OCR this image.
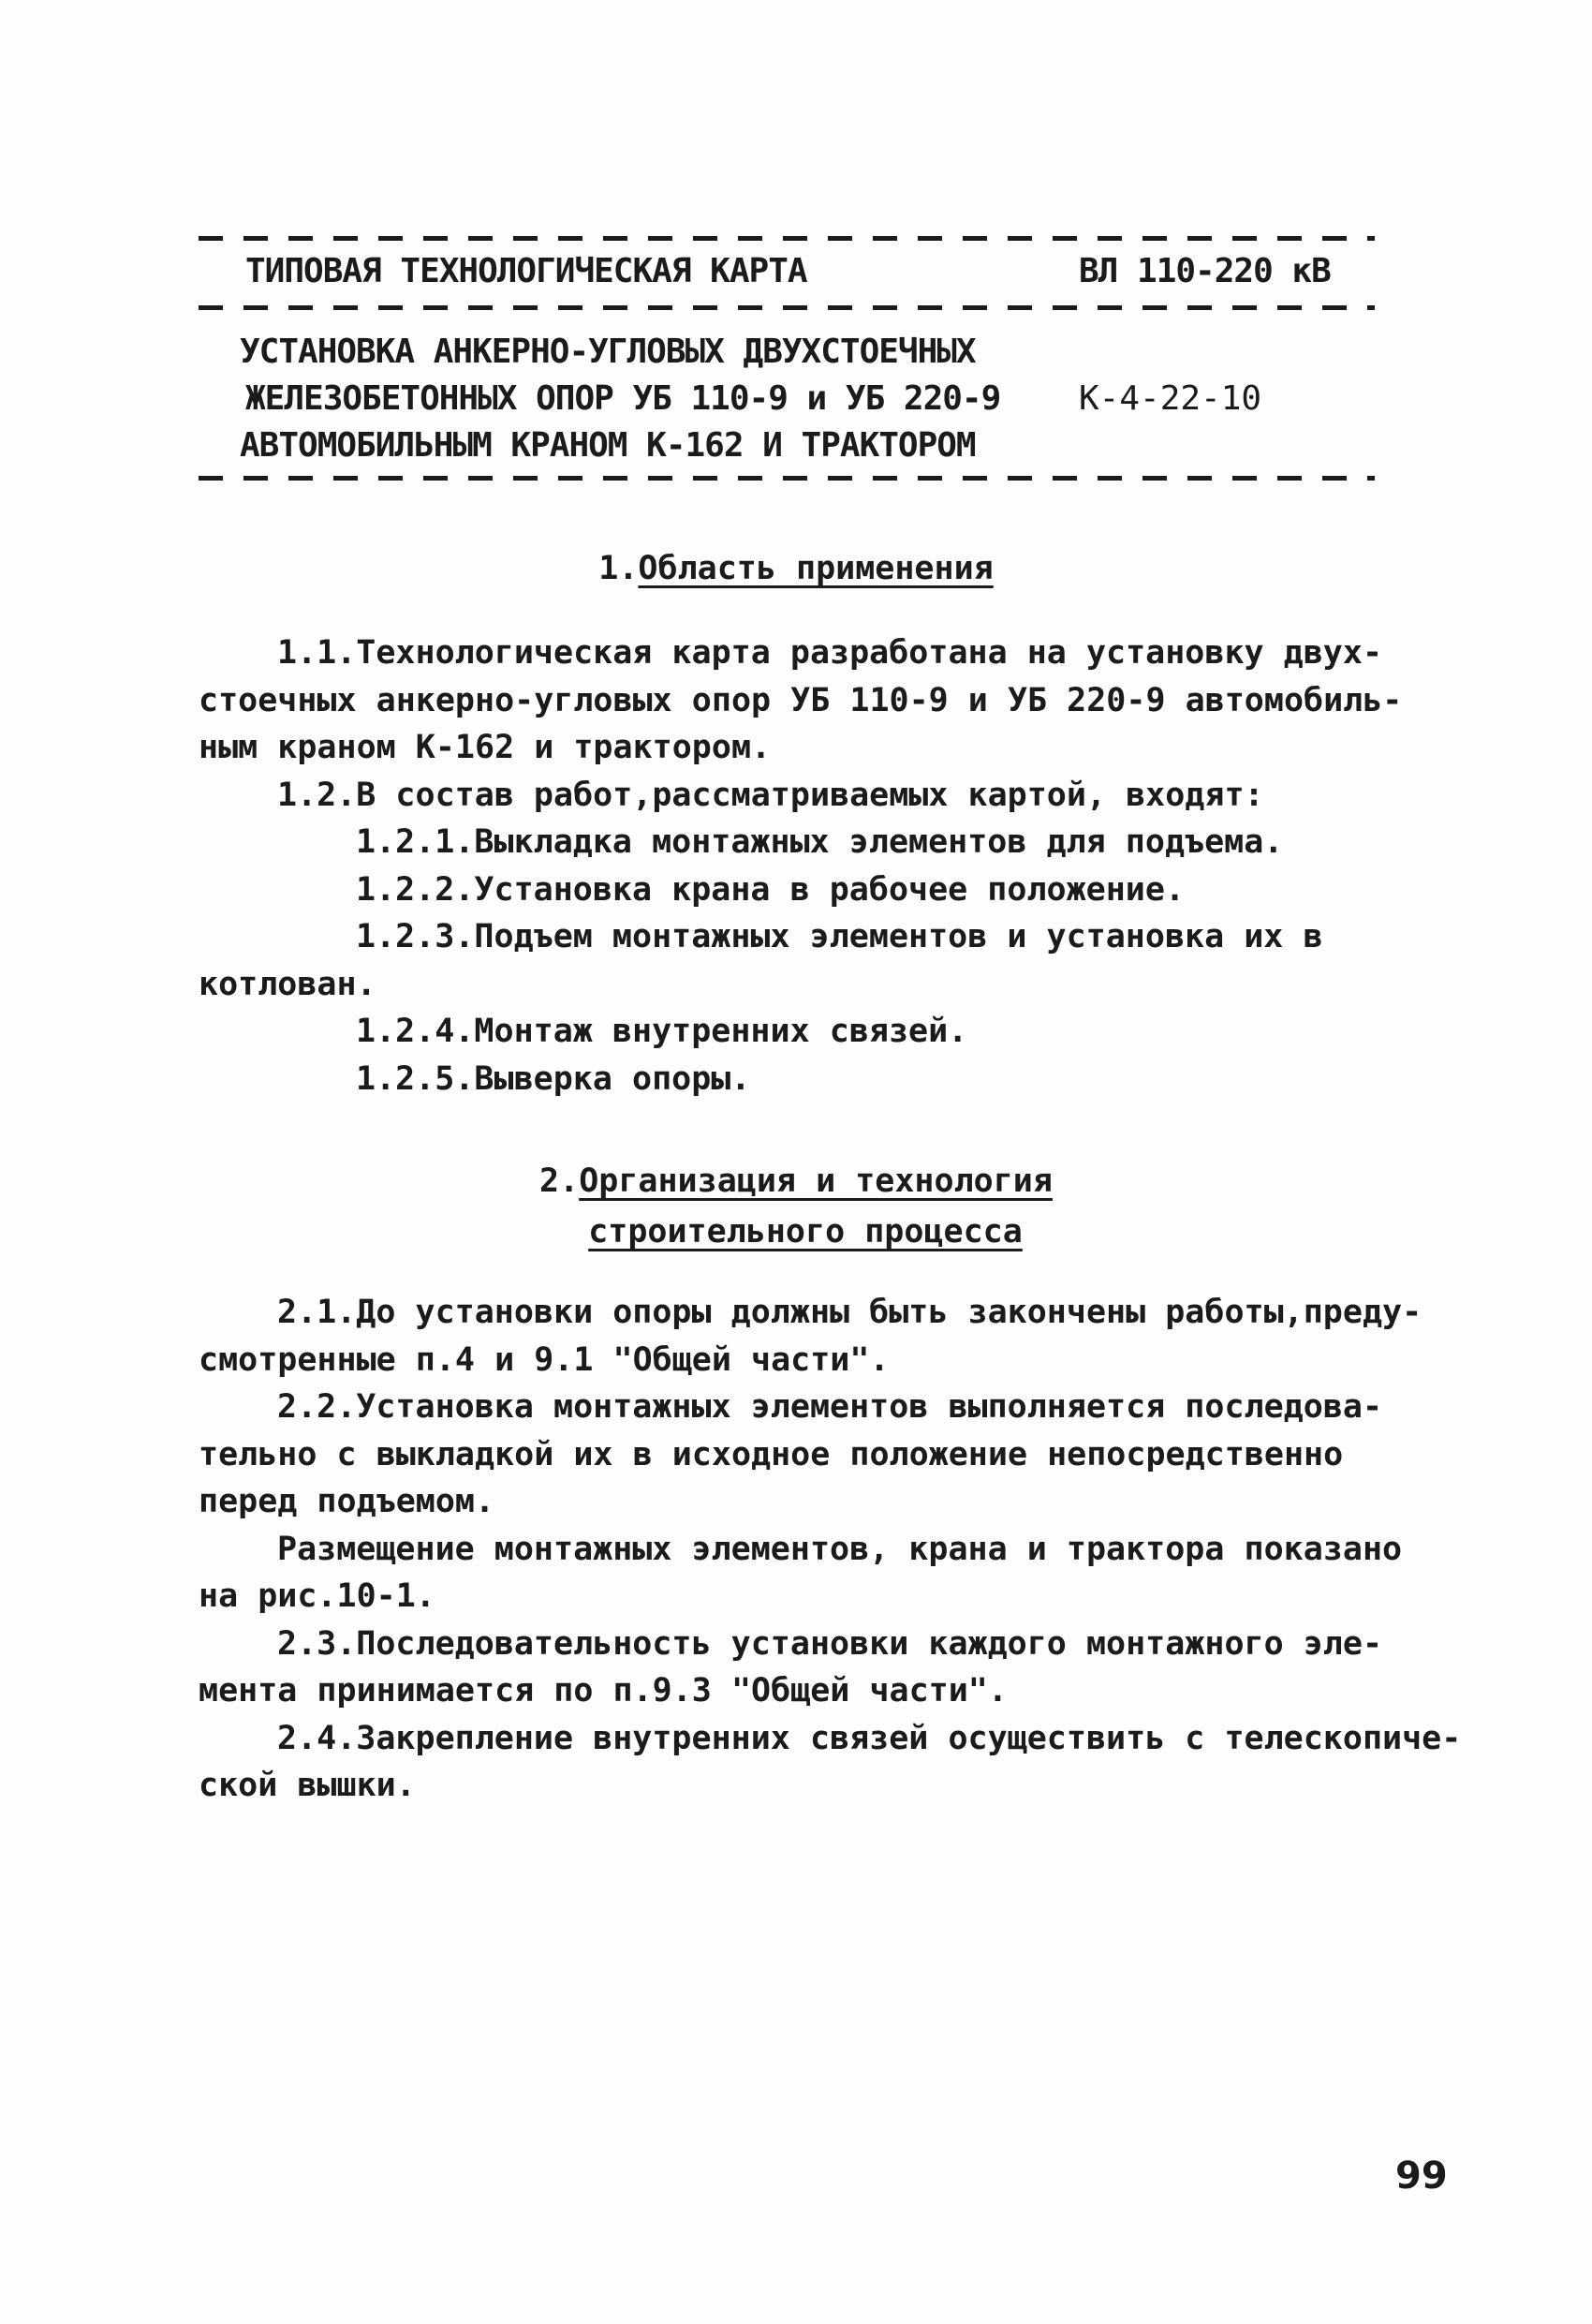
ТИПОВАЯ ТЕХНОЛОГИЧЕСКАЯ КАРТА	ВЛ 110-220 кВ
УСТАНОВКА АНКЕРНО-УГЛОВЫХ ДВУХСТОЕЧНЫХ
ЖЕЛЕЗОБЕТОННЫХ ОПОР УБ 110-9 и УБ 220-9
АВТОМОБИЛЬНЫМ КРАНОМ К-162 И ТРАКТОРОМ
К-4-22-10
1.Область применения

1.1.Технологическая карта разработана на установку двух-

стоечных анкерно-угловых опор УБ 110-9 и УБ 220-9 автомобиль-

ным краном К-162 и трактором.

1.2.В состав работ,рассматриваемых картой, входят:

1.2.1.Выкладка монтажных элементов для подъема.

1.2.2.Установка крана в рабочее положение.

1.2.3.Подъем монтажных элементов и установка их в

котлован.

1.2.4.Монтаж внутренних связей.

1.2.5.Выверка опоры.

2.Организация и технология
строительного процесса

2.1.До установки опоры должны быть закончены работы,преду-

смотренные п.4 и 9.1 "Общей части".

2.2.Установка монтажных элементов выполняется последова-

тельно с выкладкой их в исходное положение непосредственно

перед подъемом.

Размещение монтажных элементов, крана и трактора показано

на рис.10-1.

2.3.Последовательность установки каждого монтажного эле-

мента принимается по п.9.3 "Общей части".

2.4.Закрепление внутренних связей осуществить с телескопиче-

ской вышки.

99
